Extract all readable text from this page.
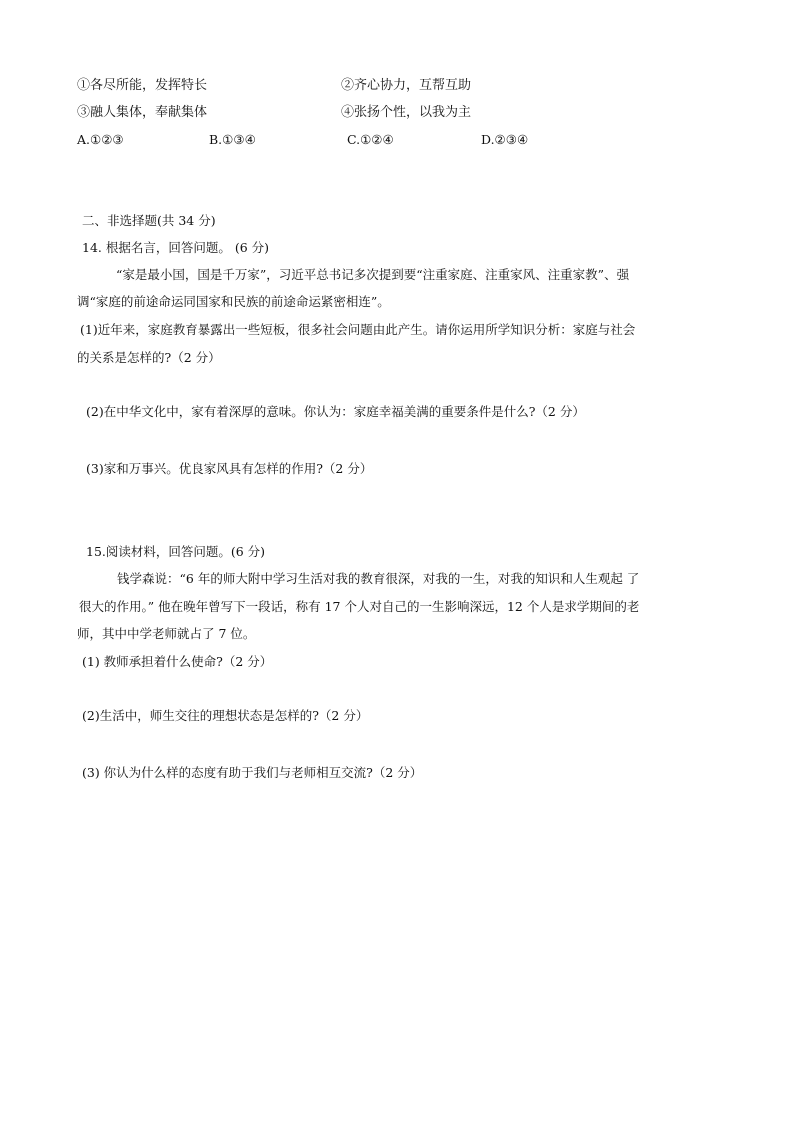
①各尽所能，发挥特长	②齐心协力，互帮互助
③融人集体，奉献集体	④张扬个性，以我为主
A.①②③	B.①③④	C.①②④	D.②③④
二、非选择题(共 34 分)
14. 根据名言，回答问题。 (6 分)
“家是最小国，国是千万家”，习近平总书记多次提到要“注重家庭、注重家风、注重家教”、强
调“家庭的前途命运同国家和民族的前途命运紧密相连”。
(1)近年来，家庭教育暴露出一些短板，很多社会问题由此产生。请你运用所学知识分析：家庭与社会
的关系是怎样的?（2 分）
(2)在中华文化中，家有着深厚的意味。你认为：家庭幸福美满的重要条件是什么?（2 分）
(3)家和万事兴。优良家风具有怎样的作用?（2 分）
15.阅读材料，回答问题。(6 分)
钱学森说：“6 年的师大附中学习生活对我的教育很深，对我的一生，对我的知识和人生观起 了
很大的作用。” 他在晚年曾写下一段话，称有 17 个人对自己的一生影响深远，12 个人是求学期间的老
师，其中中学老师就占了 7 位。
(1) 教师承担着什么使命?（2 分）
(2)生活中，师生交往的理想状态是怎样的?（2 分）
(3) 你认为什么样的态度有助于我们与老师相互交流?（2 分）
